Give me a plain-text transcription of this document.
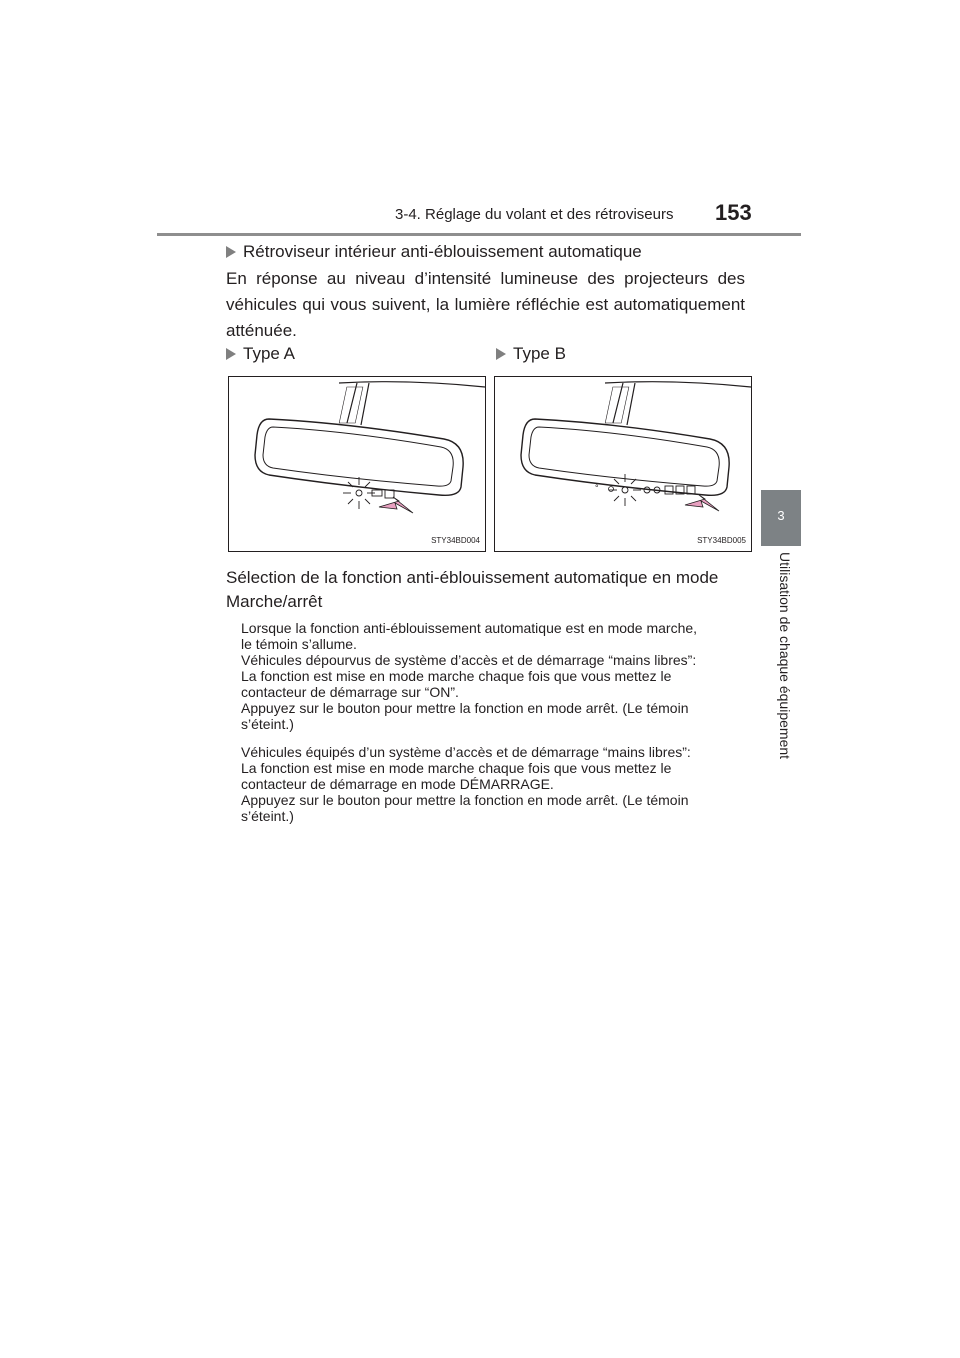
3-4. Réglage du volant et des rétroviseurs 153
3
Utilisation de chaque équipement
Rétroviseur intérieur anti-éblouissement automatique
En réponse au niveau d’intensité lumineuse des projecteurs des véhicules qui vous suivent, la lumière réfléchie est automatiquement atténuée.
Type A	Type B
STY34BD004
°
STY34BD005
Sélection de la fonction anti-éblouissement automatique en mode Marche/arrêt
Lorsque la fonction anti-éblouissement automatique est en mode marche,
le témoin s’allume.
Véhicules dépourvus de système d’accès et de démarrage “mains libres”:
La fonction est mise en mode marche chaque fois que vous mettez le
contacteur de démarrage sur “ON”.
Appuyez sur le bouton pour mettre la fonction en mode arrêt. (Le témoin
s’éteint.)
Véhicules équipés d’un système d’accès et de démarrage “mains libres”:
La fonction est mise en mode marche chaque fois que vous mettez le
contacteur de démarrage en mode DÉMARRAGE.
Appuyez sur le bouton pour mettre la fonction en mode arrêt. (Le témoin
s’éteint.)
